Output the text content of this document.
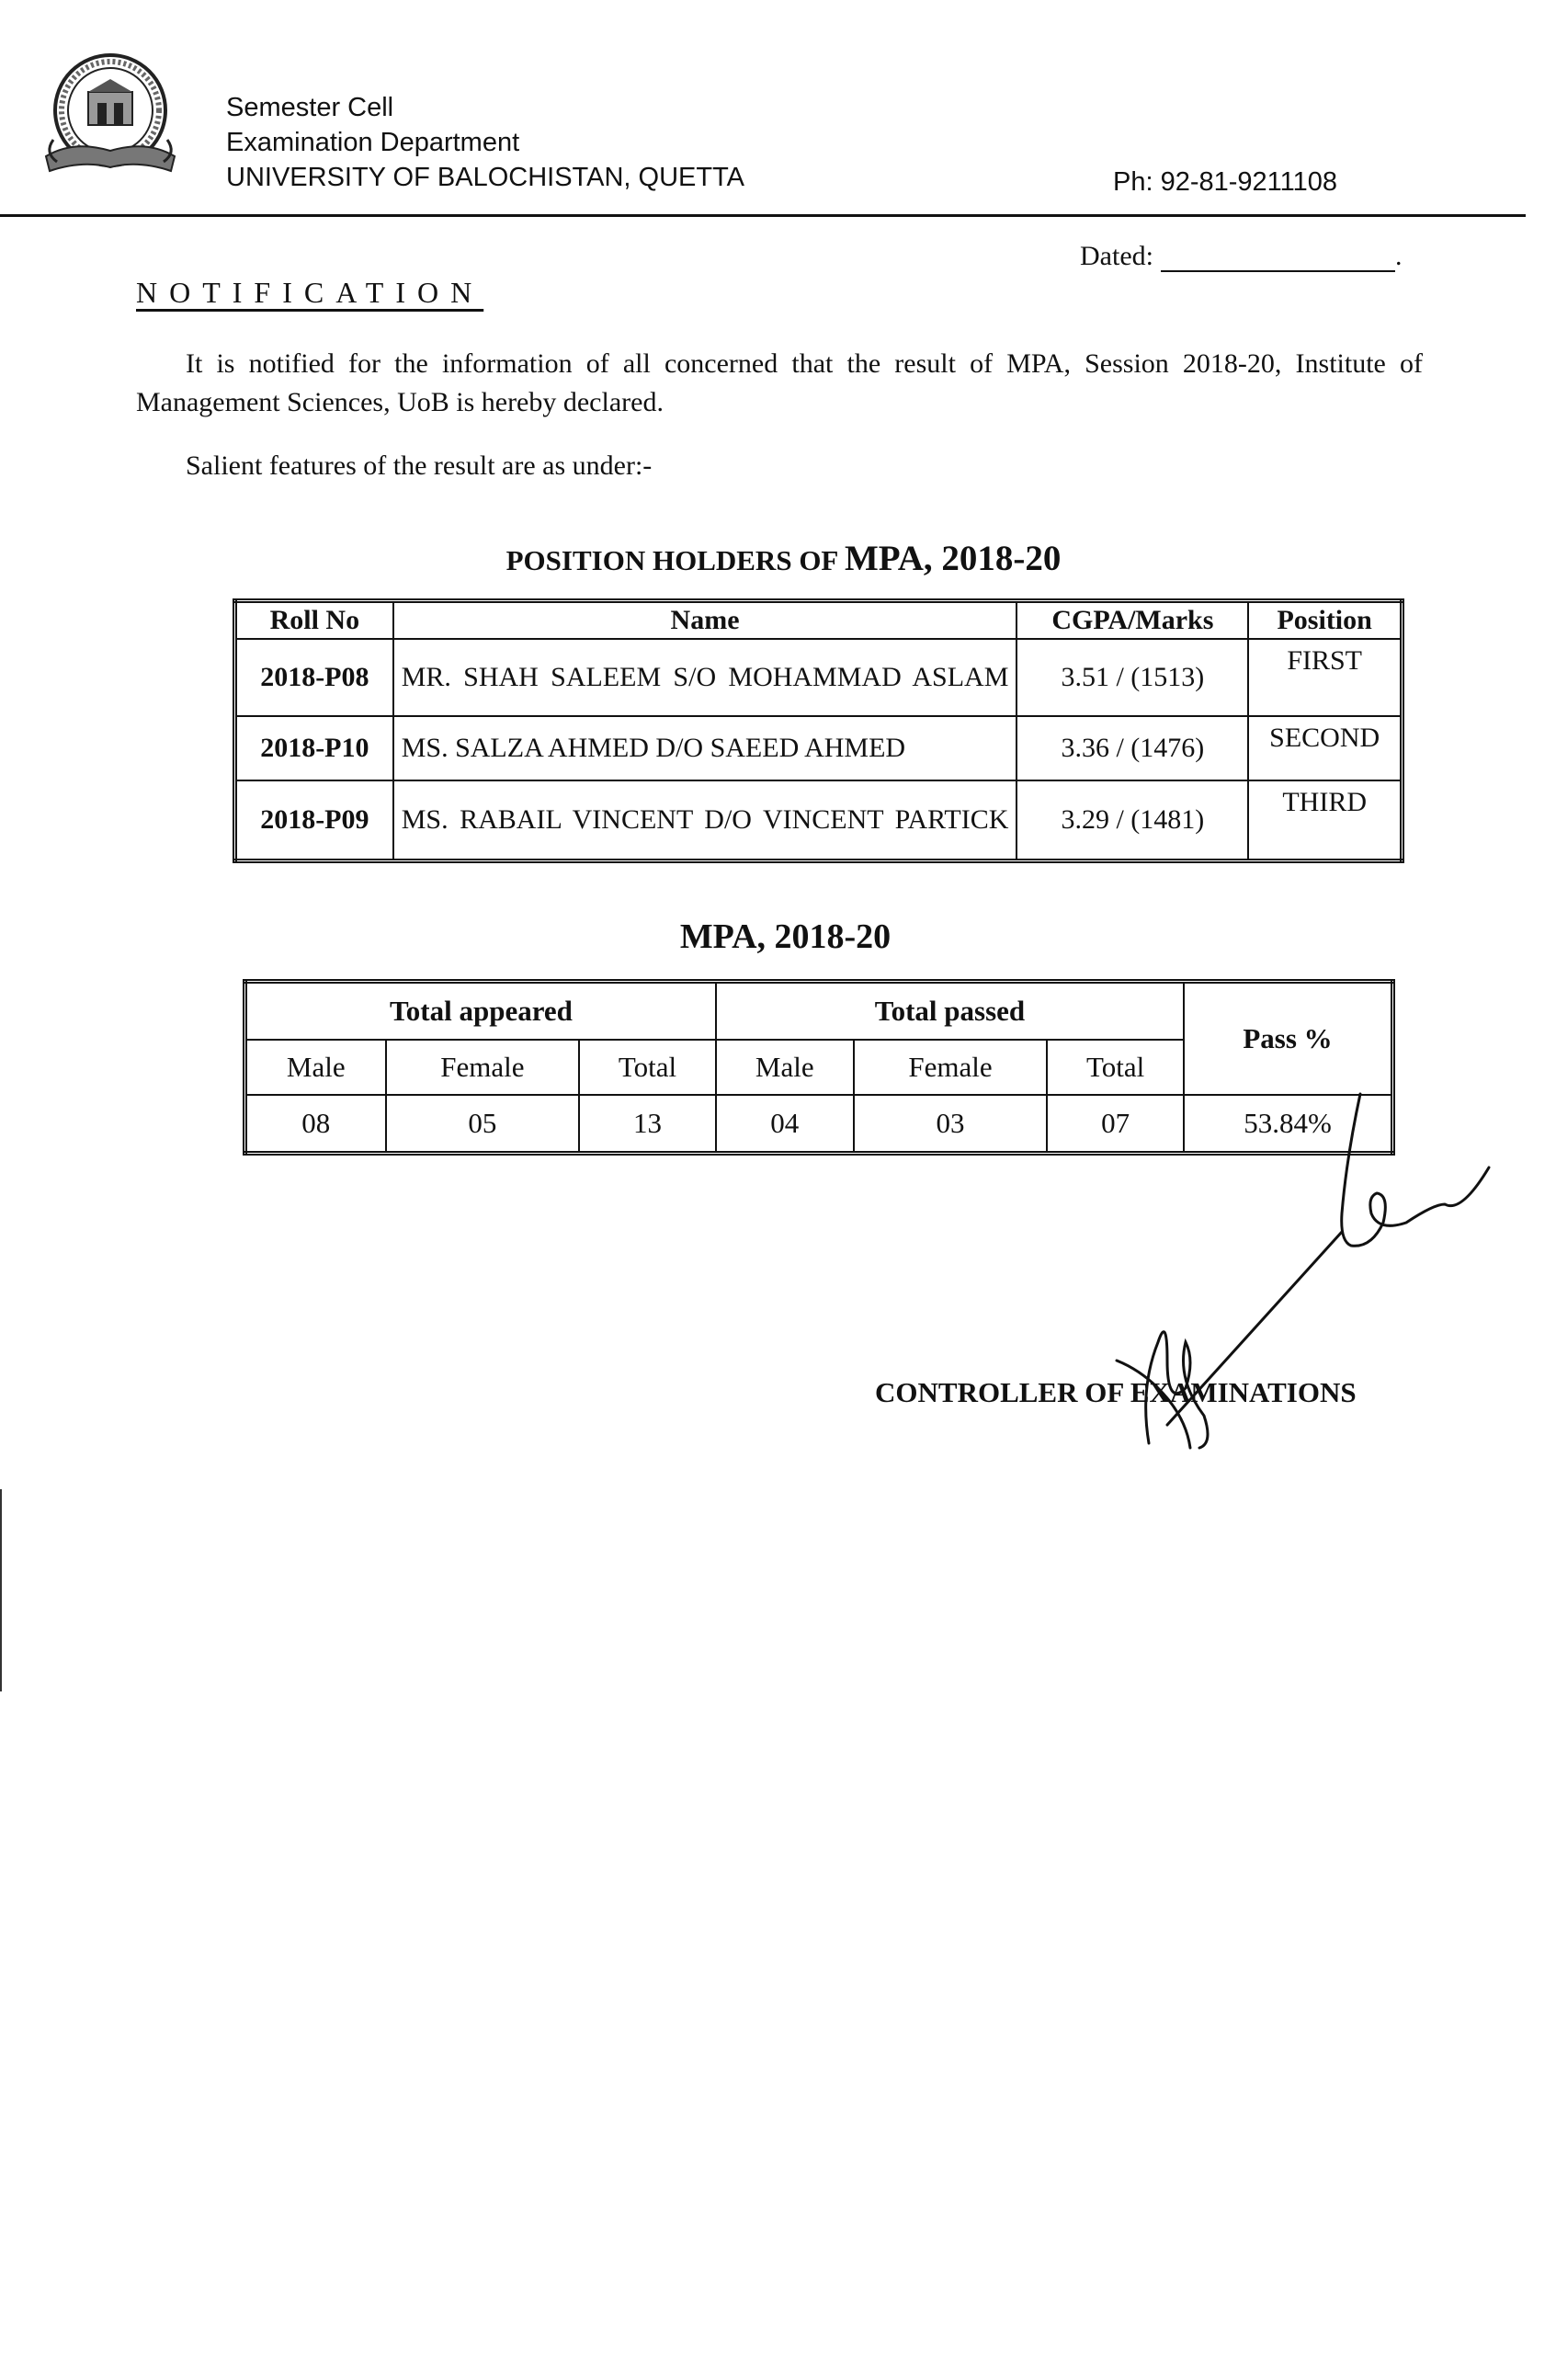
Semester Cell
Examination Department
UNIVERSITY OF BALOCHISTAN, QUETTA	Ph: 92-81-9211108
Dated:	.
NOTIFICATION
It is notified for the information of all concerned that the result of MPA, Session 2018-20, Institute of Management Sciences, UoB is hereby declared.
Salient features of the result are as under:-
POSITION HOLDERS OF MPA, 2018-20
Roll No	Name	CGPA/Marks	Position
2018-P08	MR. SHAH SALEEM S/O MOHAMMAD ASLAM	3.51 / (1513)	FIRST
2018-P10	MS. SALZA AHMED D/O SAEED AHMED	3.36 / (1476)	SECOND
2018-P09	MS. RABAIL VINCENT D/O VINCENT PARTICK	3.29 / (1481)	THIRD
MPA, 2018-20
Total appeared			Total passed			Pass %
Male	Female	Total	Male	Female	Total	
08	05	13	04	03	07	53.84%
CONTROLLER OF EXAMINATIONS
